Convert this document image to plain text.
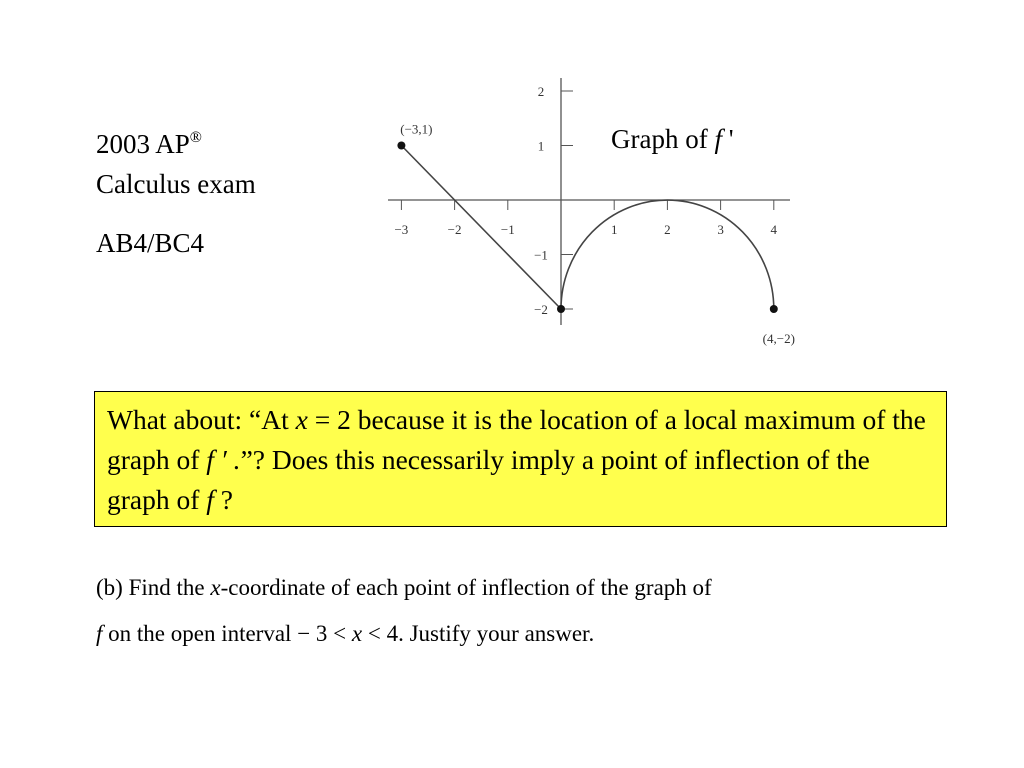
2003 AP®
Calculus exam
AB4/BC4
Graph of f '
−3	−2	−1	1	2	3	4
2
1
−1
−2
(−3,1)
(4,−2)
What about: “At x = 2 because it is the location of a local maximum of the graph of f ′ .”? Does this necessarily imply a point of inflection of the graph of f ?
(b) Find the x-coordinate of each point of inflection of the graph of
f on the open interval − 3 < x < 4. Justify your answer.
